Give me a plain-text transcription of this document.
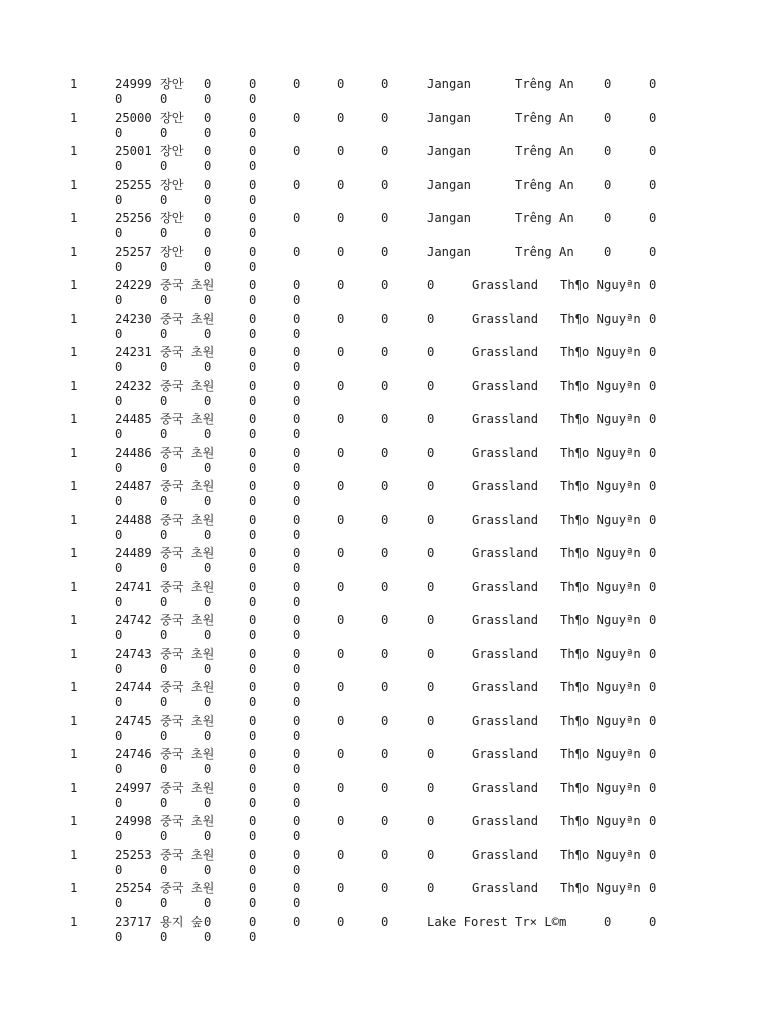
1	24999 장안 0	0	0	0	0	Jangan	Trêng An 0	0
0	0	0	0
1	25000 장안 0	0	0	0	0	Jangan	Trêng An 0	0
0	0	0	0
1	25001 장안 0	0	0	0	0	Jangan	Trêng An 0	0
0	0	0	0
1	25255 장안 0	0	0	0	0	Jangan	Trêng An 0	0
0	0	0	0
1	25256 장안 0	0	0	0	0	Jangan	Trêng An 0	0
0	0	0	0
1	25257 장안 0	0	0	0	0	Jangan	Trêng An 0	0
0	0	0	0
1	24229 중국 초원	0	0	0	0	0	Grassland Th¶o Nguyªn 0
0	0	0	0	0
1	24230 중국 초원	0	0	0	0	0	Grassland Th¶o Nguyªn 0
0	0	0	0	0
1	24231 중국 초원	0	0	0	0	0	Grassland Th¶o Nguyªn 0
0	0	0	0	0
1	24232 중국 초원	0	0	0	0	0	Grassland Th¶o Nguyªn 0
0	0	0	0	0
1	24485 중국 초원	0	0	0	0	0	Grassland Th¶o Nguyªn 0
0	0	0	0	0
1	24486 중국 초원	0	0	0	0	0	Grassland Th¶o Nguyªn 0
0	0	0	0	0
1	24487 중국 초원	0	0	0	0	0	Grassland Th¶o Nguyªn 0
0	0	0	0	0
1	24488 중국 초원	0	0	0	0	0	Grassland Th¶o Nguyªn 0
0	0	0	0	0
1	24489 중국 초원	0	0	0	0	0	Grassland Th¶o Nguyªn 0
0	0	0	0	0
1	24741 중국 초원	0	0	0	0	0	Grassland Th¶o Nguyªn 0
0	0	0	0	0
1	24742 중국 초원	0	0	0	0	0	Grassland Th¶o Nguyªn 0
0	0	0	0	0
1	24743 중국 초원	0	0	0	0	0	Grassland Th¶o Nguyªn 0
0	0	0	0	0
1	24744 중국 초원	0	0	0	0	0	Grassland Th¶o Nguyªn 0
0	0	0	0	0
1	24745 중국 초원	0	0	0	0	0	Grassland Th¶o Nguyªn 0
0	0	0	0	0
1	24746 중국 초원	0	0	0	0	0	Grassland Th¶o Nguyªn 0
0	0	0	0	0
1	24997 중국 초원	0	0	0	0	0	Grassland Th¶o Nguyªn 0
0	0	0	0	0
1	24998 중국 초원	0	0	0	0	0	Grassland Th¶o Nguyªn 0
0	0	0	0	0
1	25253 중국 초원	0	0	0	0	0	Grassland Th¶o Nguyªn 0
0	0	0	0	0
1	25254 중국 초원	0	0	0	0	0	Grassland Th¶o Nguyªn 0
0	0	0	0	0
1	23717 용지 숲 0	0	0	0	0	Lake Forest Tr× L©m	0	0
0	0	0	0
